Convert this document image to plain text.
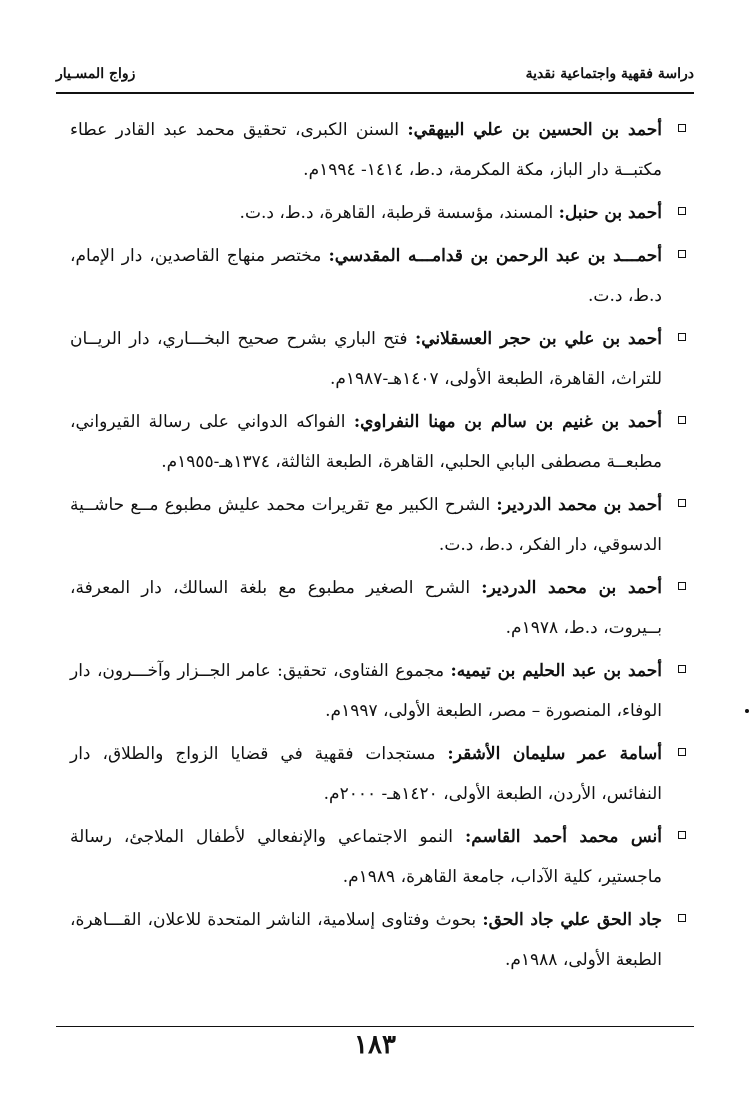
دراسة فقهية واجتماعية نقدية
زواج المسـيار
أحمد بن الحسين بن علي البيهقي: السنن الكبرى، تحقيق محمد عبد القادر عطاء مكتبــة دار الباز، مكة المكرمة، د.ط، ١٤١٤- ١٩٩٤م.
أحمد بن حنبل: المسند، مؤسسة قرطبة، القاهرة، د.ط، د.ت.
أحمـــد بن عبد الرحمن بن قدامـــه المقدسي: مختصر منهاج القاصدين، دار الإمام، د.ط، د.ت.
أحمد بن علي بن حجر العسقلاني: فتح الباري بشرح صحيح البخـــاري، دار الريــان للتراث، القاهرة، الطبعة الأولى، ١٤٠٧هـ-١٩٨٧م.
أحمد بن غنيم بن سالم بن مهنا النفراوي: الفواكه الدواني على رسالة القيرواني، مطبعــة مصطفى البابي الحلبي، القاهرة، الطبعة الثالثة، ١٣٧٤هـ-١٩٥٥م.
أحمد بن محمد الدردير: الشرح الكبير مع تقريرات محمد عليش مطبوع مــع حاشــية الدسوقي، دار الفكر، د.ط، د.ت.
أحمد بن محمد الدردير: الشرح الصغير مطبوع مع بلغة السالك، دار المعرفة، بــيروت، د.ط، ١٩٧٨م.
أحمد بن عبد الحليم بن تيميه: مجموع الفتاوى، تحقيق: عامر الجــزار وآخـــرون، دار الوفاء، المنصورة – مصر، الطبعة الأولى، ١٩٩٧م.
أسامة عمر سليمان الأشقر: مستجدات فقهية في قضايا الزواج والطلاق، دار النفائس، الأردن، الطبعة الأولى، ١٤٢٠هـ- ٢٠٠٠م.
أنس محمد أحمد القاسم: النمو الاجتماعي والإنفعالي لأطفال الملاجئ، رسالة ماجستير، كلية الآداب، جامعة القاهرة، ١٩٨٩م.
جاد الحق علي جاد الحق: بحوث وفتاوى إسلامية، الناشر المتحدة للاعلان، القـــاهرة، الطبعة الأولى، ١٩٨٨م.
١٨٣
